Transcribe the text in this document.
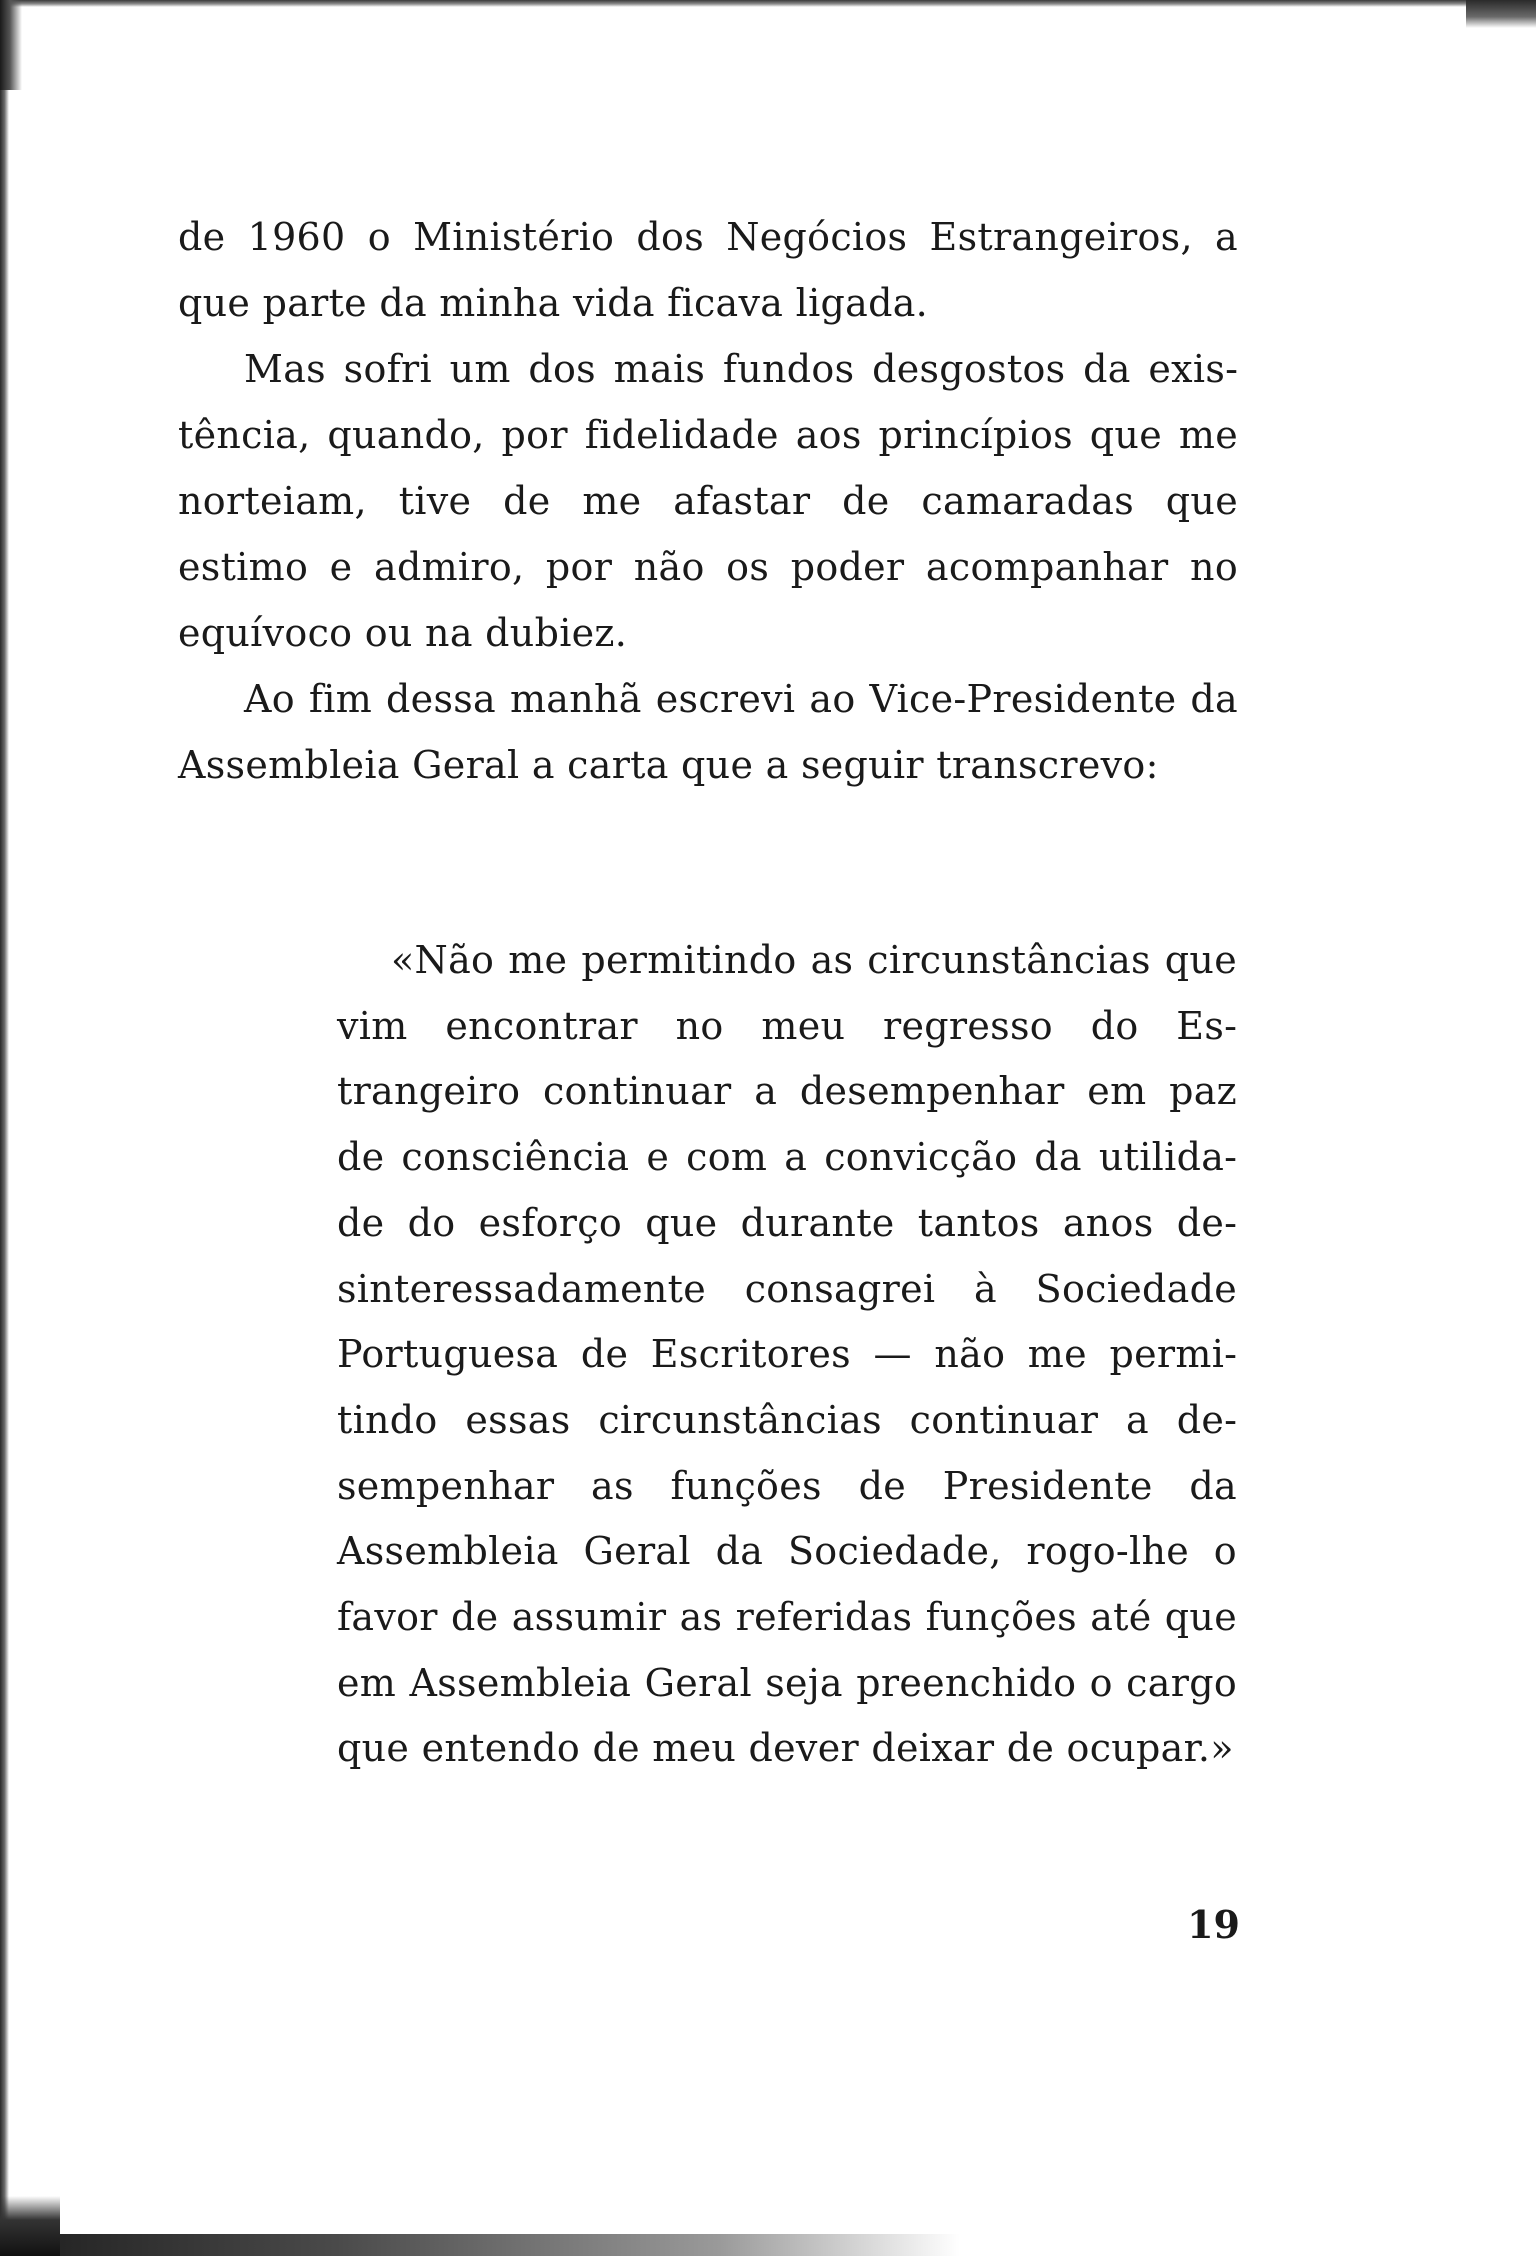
de 1960 o Ministério dos Negócios Estrangeiros, a que parte da minha vida ficava ligada.

Mas sofri um dos mais fundos desgostos da existência, quando, por fidelidade aos princípios que me norteiam, tive de me afastar de camaradas que estimo e admiro, por não os poder acompanhar no equívoco ou na dubiez.

Ao fim dessa manhã escrevi ao Vice-Presidente da Assembleia Geral a carta que a seguir transcrevo:

«Não me permitindo as circunstâncias que vim encontrar no meu regresso do Estrangeiro continuar a desempenhar em paz de consciência e com a convicção da utilidade do esforço que durante tantos anos desinteressadamente consagrei à Sociedade Portuguesa de Escritores — não me permitindo essas circunstâncias continuar a desempenhar as funções de Presidente da Assembleia Geral da Sociedade, rogo-lhe o favor de assumir as referidas funções até que em Assembleia Geral seja preenchido o cargo que entendo de meu dever deixar de ocupar.»

19
